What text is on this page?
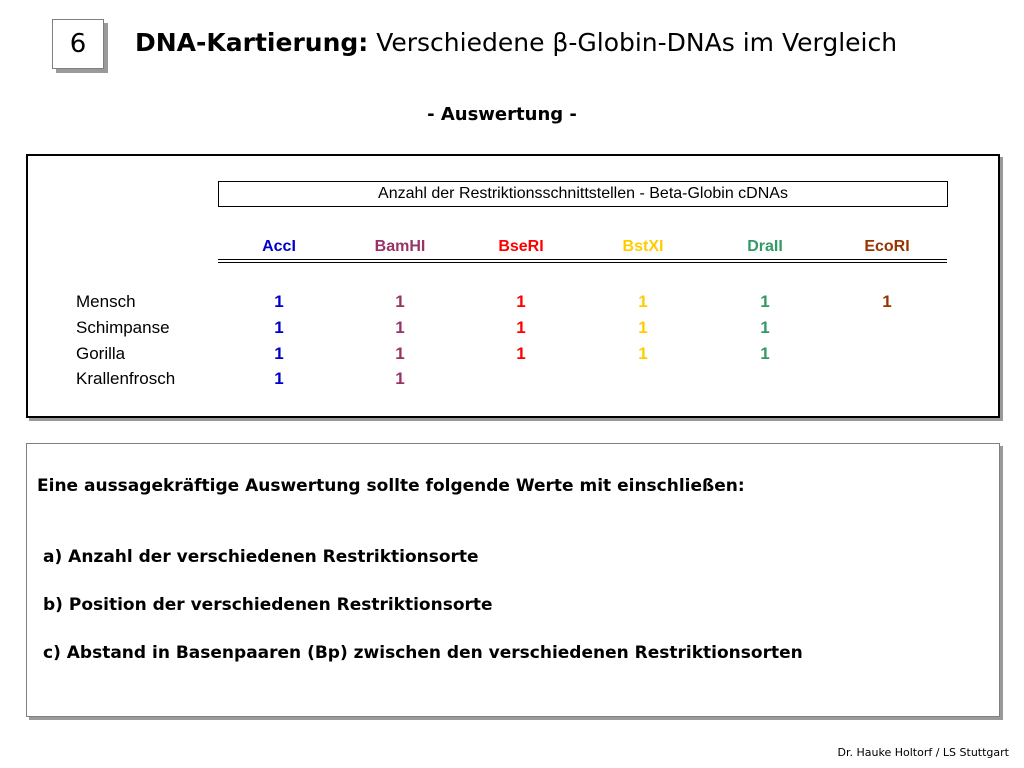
6	DNA-Kartierung: Verschiedene β-Globin-DNAs im Vergleich
- Auswertung -
Anzahl der Restriktionsschnittstellen - Beta-Globin cDNAs
AccI	BamHI	BseRI	BstXI	DraII	EcoRI
Mensch	1	1	1	1	1	1
Schimpanse	1	1	1	1	1
Gorilla	1	1	1	1	1
Krallenfrosch	1	1
Eine aussagekräftige Auswertung sollte folgende Werte mit einschließen:
a) Anzahl der verschiedenen Restriktionsorte
b) Position der verschiedenen Restriktionsorte
c) Abstand in Basenpaaren (Bp) zwischen den verschiedenen Restriktionsorten
Dr. Hauke Holtorf / LS Stuttgart
